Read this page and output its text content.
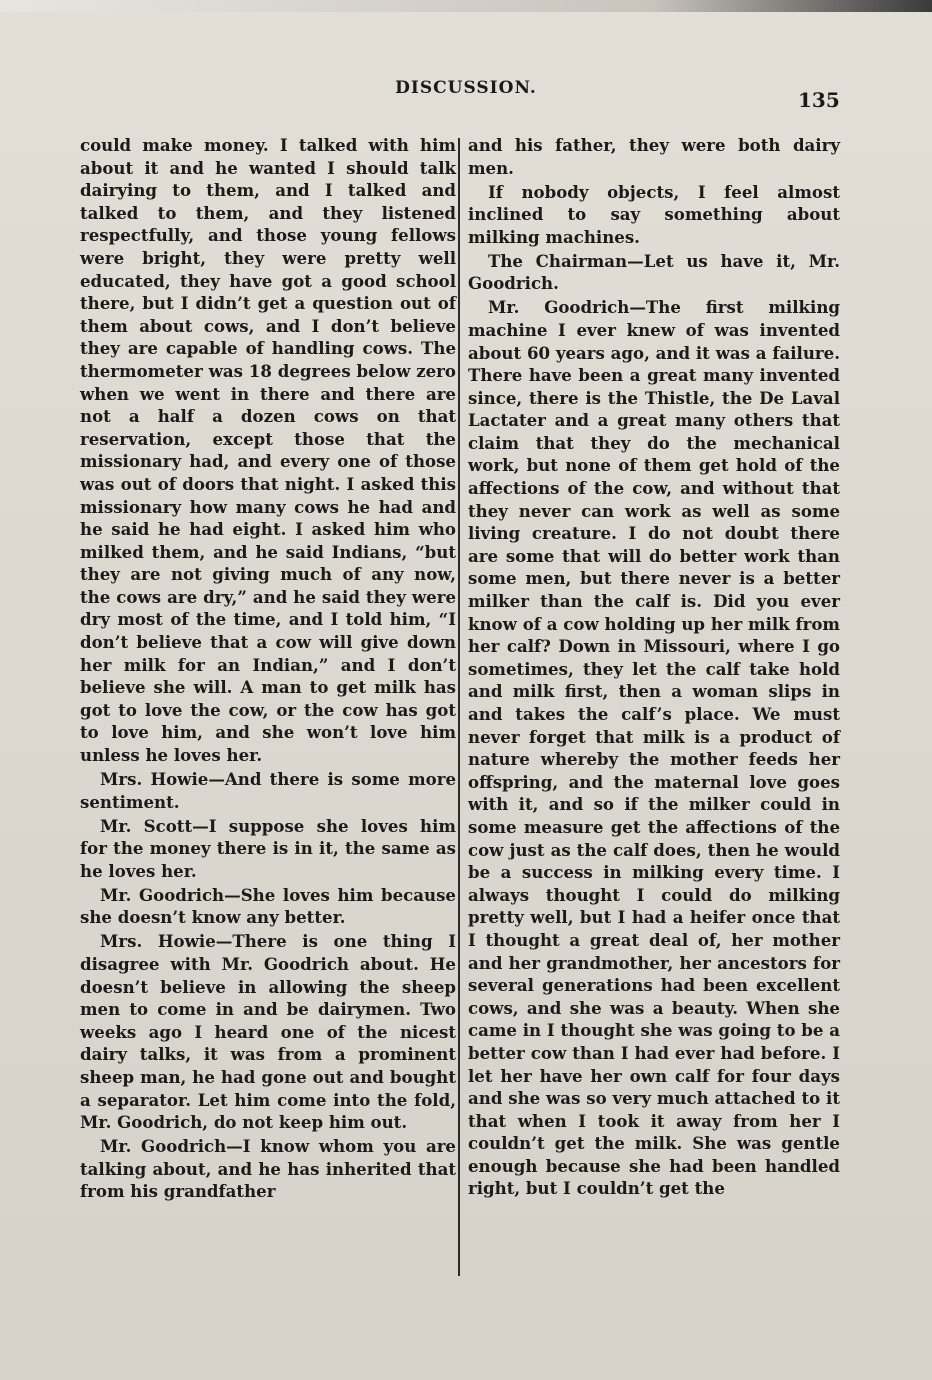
DISCUSSION.	135

could make money. I talked with him about it and he wanted I should talk dairying to them, and I talked and talked to them, and they listened respectfully, and those young fellows were bright, they were pretty well educated, they have got a good school there, but I didn’t get a question out of them about cows, and I don’t believe they are capable of handling cows. The thermometer was 18 degrees below zero when we went in there and there are not a half a dozen cows on that reservation, except those that the missionary had, and every one of those was out of doors that night. I asked this missionary how many cows he had and he said he had eight. I asked him who milked them, and he said Indians, “but they are not giving much of any now, the cows are dry,” and he said they were dry most of the time, and I told him, “I don’t believe that a cow will give down her milk for an Indian,” and I don’t believe she will. A man to get milk has got to love the cow, or the cow has got to love him, and she won’t love him unless he loves her.

Mrs. Howie—And there is some more sentiment.

Mr. Scott—I suppose she loves him for the money there is in it, the same as he loves her.

Mr. Goodrich—She loves him because she doesn’t know any better.

Mrs. Howie—There is one thing I disagree with Mr. Goodrich about. He doesn’t believe in allowing the sheep men to come in and be dairymen. Two weeks ago I heard one of the nicest dairy talks, it was from a prominent sheep man, he had gone out and bought a separator. Let him come into the fold, Mr. Goodrich, do not keep him out.

Mr. Goodrich—I know whom you are talking about, and he has inherited that from his grandfather

and his father, they were both dairy men.

If nobody objects, I feel almost inclined to say something about milking machines.

The Chairman—Let us have it, Mr. Goodrich.

Mr. Goodrich—The first milking machine I ever knew of was invented about 60 years ago, and it was a failure. There have been a great many invented since, there is the Thistle, the De Laval Lactater and a great many others that claim that they do the mechanical work, but none of them get hold of the affections of the cow, and without that they never can work as well as some living creature. I do not doubt there are some that will do better work than some men, but there never is a better milker than the calf is. Did you ever know of a cow holding up her milk from her calf? Down in Missouri, where I go sometimes, they let the calf take hold and milk first, then a woman slips in and takes the calf’s place. We must never forget that milk is a product of nature whereby the mother feeds her offspring, and the maternal love goes with it, and so if the milker could in some measure get the affections of the cow just as the calf does, then he would be a success in milking every time. I always thought I could do milking pretty well, but I had a heifer once that I thought a great deal of, her mother and her grandmother, her ancestors for several generations had been excellent cows, and she was a beauty. When she came in I thought she was going to be a better cow than I had ever had before. I let her have her own calf for four days and she was so very much attached to it that when I took it away from her I couldn’t get the milk. She was gentle enough because she had been handled right, but I couldn’t get the
